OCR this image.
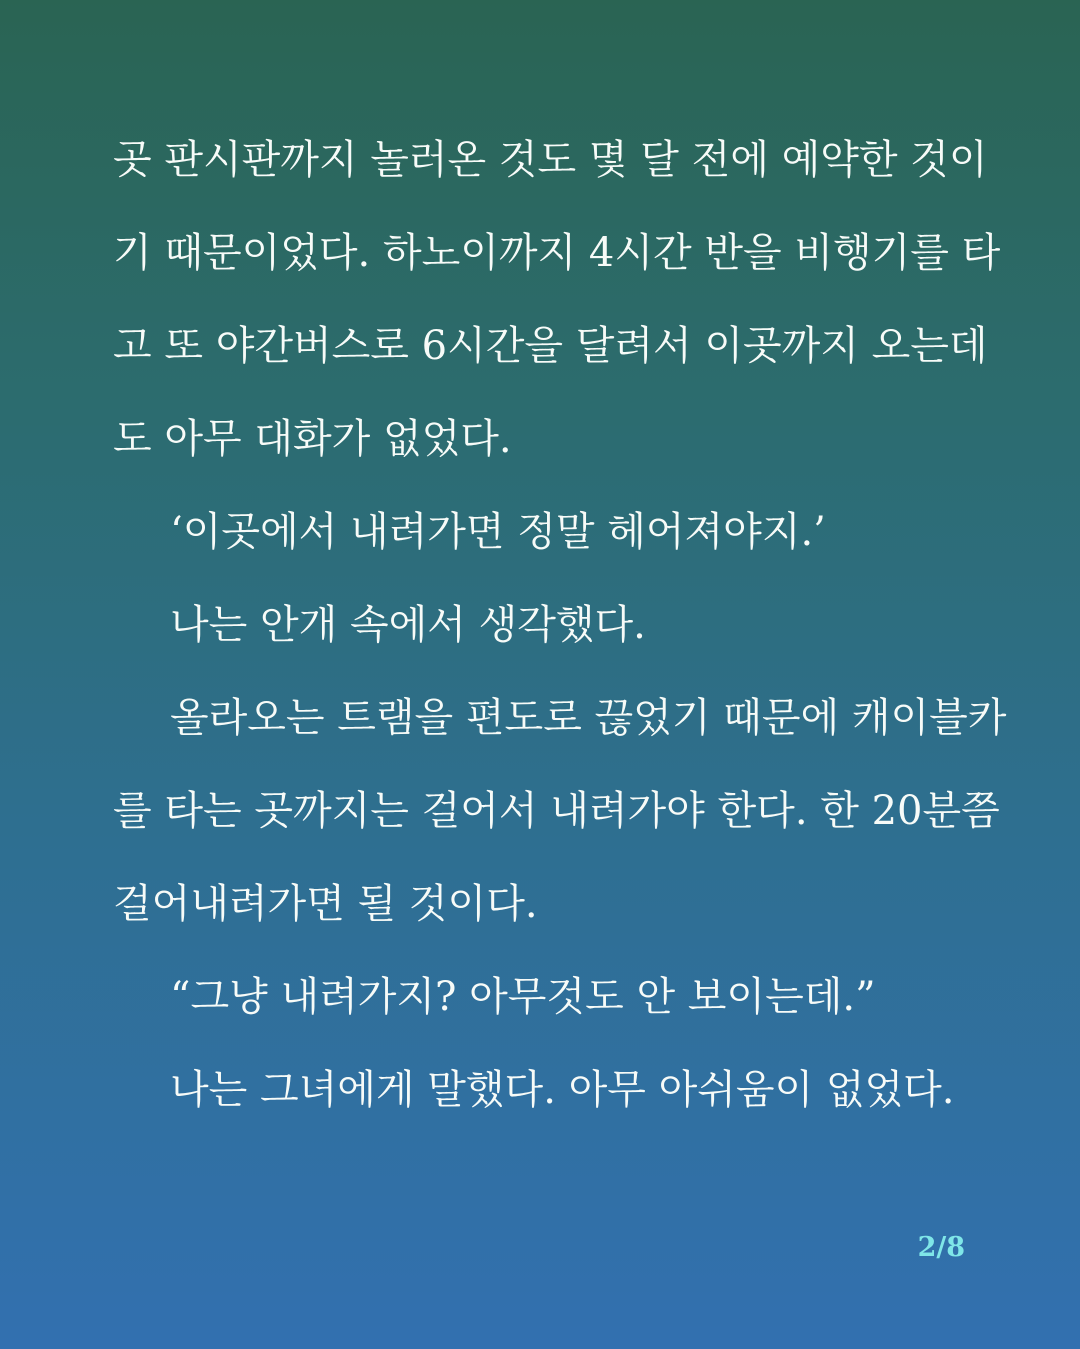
곳 판시판까지 놀러온 것도 몇 달 전에 예약한 것이
기 때문이었다. 하노이까지 4시간 반을 비행기를 타
고 또 야간버스로 6시간을 달려서 이곳까지 오는데
도 아무 대화가 없었다.
‘이곳에서 내려가면 정말 헤어져야지.’
나는 안개 속에서 생각했다.
올라오는 트램을 편도로 끊었기 때문에 캐이블카
를 타는 곳까지는 걸어서 내려가야 한다. 한 20분쯤
걸어내려가면 될 것이다.
“그냥 내려가지? 아무것도 안 보이는데.”
나는 그녀에게 말했다. 아무 아쉬움이 없었다.
2/8
